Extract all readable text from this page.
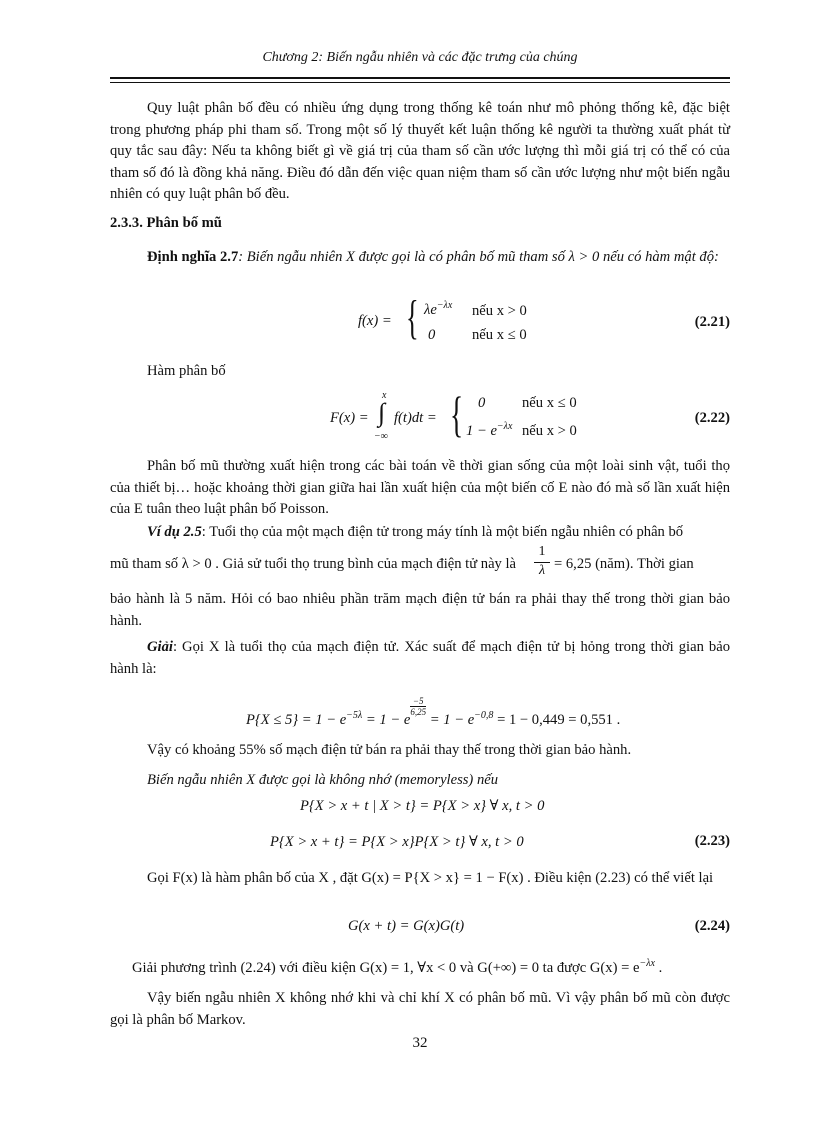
Chương 2: Biến ngẫu nhiên và các đặc trưng của chúng

Quy luật phân bố đều có nhiều ứng dụng trong thống kê toán như mô phỏng thống kê, đặc biệt trong phương pháp phi tham số. Trong một số lý thuyết kết luận thống kê người ta thường xuất phát từ quy tắc sau đây: Nếu ta không biết gì về giá trị của tham số cần ước lượng thì mỗi giá trị có thể có của tham số đó là đồng khả năng. Điều đó dẫn đến việc quan niệm tham số cần ước lượng như một biến ngẫu nhiên có quy luật phân bố đều.

2.3.3. Phân bố mũ

Định nghĩa 2.7: Biến ngẫu nhiên X được gọi là có phân bố mũ tham số λ > 0 nếu có hàm mật độ:

f(x) = { $\lambda e^{-\lambda x}$ nếu x > 0
0	nếu x ≤ 0
(2.21)
Hàm phân bố
F(x) =
x
∫
−∞
f(t)dt = { 0	nếu x ≤ 0
$1 - e^{-\lambda x}$ nếu x > 0
(2.22)

Phân bố mũ thường xuất hiện trong các bài toán về thời gian sống của một loài sinh vật, tuổi thọ của thiết bị… hoặc khoảng thời gian giữa hai lần xuất hiện của một biến cố E nào đó mà số lần xuất hiện của E tuân theo luật phân bố Poisson.

Ví dụ 2.5: Tuổi thọ của một mạch điện tử trong máy tính là một biến ngẫu nhiên có phân bố

mũ tham số λ > 0 . Giả sử tuổi thọ trung bình của mạch điện tử này là
1
λ = 6,25 (năm). Thời gian

bảo hành là 5 năm. Hỏi có bao nhiêu phần trăm mạch điện tử bán ra phải thay thế trong thời gian bảo hành.

Giải: Gọi X là tuổi thọ của mạch điện tử. Xác suất để mạch điện tử bị hỏng trong thời gian bảo hành là:

$P\{X \le 5\} = 1 - e^{-5\lambda} = 1 - e$
$\frac{-5}{6,25}$
= $1 - e^{-0,8} = 1 - 0,449 = 0,551$ .

Vậy có khoảng 55% số mạch điện tử bán ra phải thay thế trong thời gian bảo hành.

Biến ngẫu nhiên X được gọi là không nhớ (memoryless) nếu

P{X > x + t | X > t} = P{X > x} ∀ x, t > 0
P{X > x + t} = P{X > x}P{X > t} ∀ x, t > 0	(2.23)

Gọi F(x) là hàm phân bố của X , đặt G(x) = P{X > x} = 1 − F(x) . Điều kiện (2.23) có thể viết lại

G(x + t) = G(x)G(t)	(2.24)
Giải phương trình (2.24) với điều kiện G(x) = 1, ∀x < 0 và G(+∞) = 0 ta được $G(x) = e^{-\lambda x}$ .

Vậy biến ngẫu nhiên X không nhớ khi và chỉ khí X có phân bố mũ. Vì vậy phân bố mũ còn được gọi là phân bố Markov.

32
